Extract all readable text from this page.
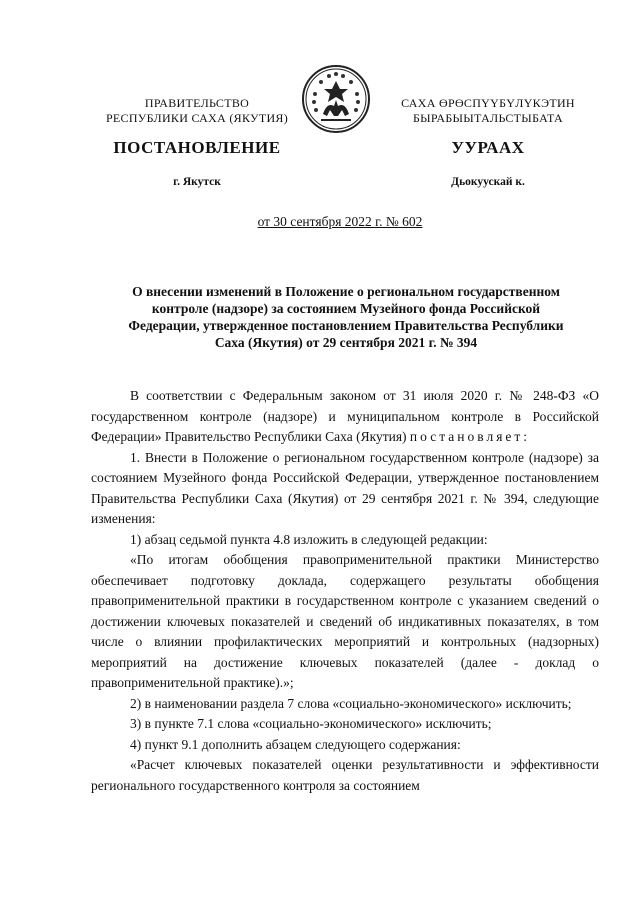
ПРАВИТЕЛЬСТВО
РЕСПУБЛИКИ САХА (ЯКУТИЯ)
САХА ӨРӨСПҮҮБҮЛҮКЭТИН
БЫРАБЫЫТАЛЬСТЫБАТА
ПОСТАНОВЛЕНИЕ	УУРААХ
г. Якутск	Дьокуускай к.
от 30 сентября 2022 г. № 602
О внесении изменений в Положение о региональном государственном
контроле (надзоре) за состоянием Музейного фонда Российской
Федерации, утвержденное постановлением Правительства Республики
Саха (Якутия) от 29 сентября 2021 г. № 394

В соответствии с Федеральным законом от 31 июля 2020 г. № 248-ФЗ «О государственном контроле (надзоре) и муниципальном контроле в Российской Федерации» Правительство Республики Саха (Якутия) постановляет:

1. Внести в Положение о региональном государственном контроле (надзоре) за состоянием Музейного фонда Российской Федерации, утвержденное постановлением Правительства Республики Саха (Якутия) от 29 сентября 2021 г. № 394, следующие изменения:

1) абзац седьмой пункта 4.8 изложить в следующей редакции:

«По итогам обобщения правоприменительной практики Министерство обеспечивает подготовку доклада, содержащего результаты обобщения правоприменительной практики в государственном контроле с указанием сведений о достижении ключевых показателей и сведений об индикативных показателях, в том числе о влиянии профилактических мероприятий и контрольных (надзорных) мероприятий на достижение ключевых показателей (далее - доклад о правоприменительной практике).»;

2) в наименовании раздела 7 слова «социально-экономического» исключить;

3) в пункте 7.1 слова «социально-экономического» исключить;

4) пункт 9.1 дополнить абзацем следующего содержания:

«Расчет ключевых показателей оценки результативности и эффективности регионального государственного контроля за состоянием
